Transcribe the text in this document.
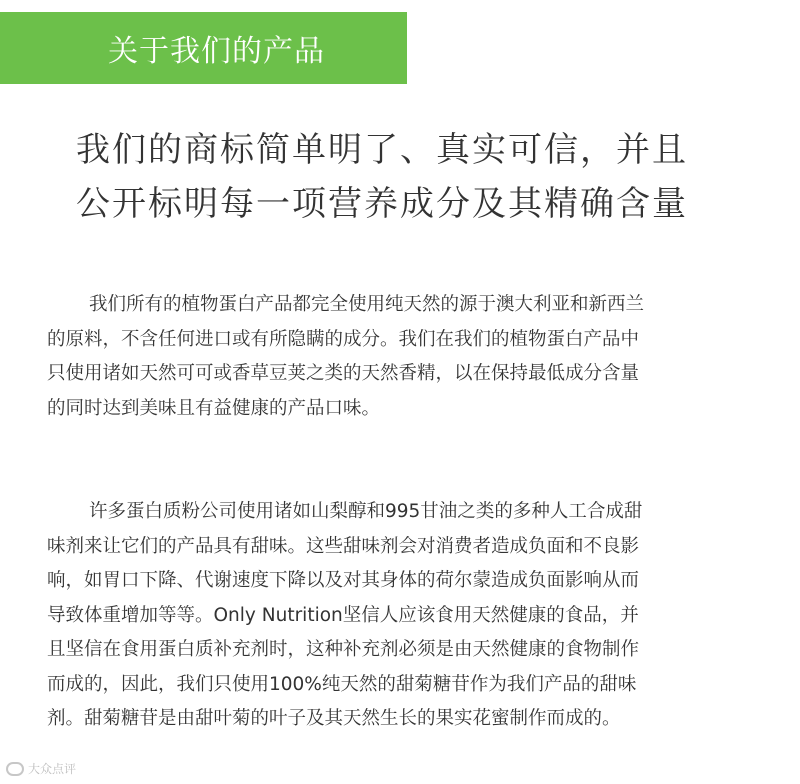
关于我们的产品
我们的商标简单明了、真实可信，并且
公开标明每一项营养成分及其精确含量
我们所有的植物蛋白产品都完全使用纯天然的源于澳大利亚和新西兰
的原料，不含任何进口或有所隐瞒的成分。我们在我们的植物蛋白产品中
只使用诸如天然可可或香草豆荚之类的天然香精，以在保持最低成分含量
的同时达到美味且有益健康的产品口味。
许多蛋白质粉公司使用诸如山梨醇和995甘油之类的多种人工合成甜
味剂来让它们的产品具有甜味。这些甜味剂会对消费者造成负面和不良影
响，如胃口下降、代谢速度下降以及对其身体的荷尔蒙造成负面影响从而
导致体重增加等等。Only Nutrition坚信人应该食用天然健康的食品，并
且坚信在食用蛋白质补充剂时，这种补充剂必须是由天然健康的食物制作
而成的，因此，我们只使用100%纯天然的甜菊糖苷作为我们产品的甜味
剂。甜菊糖苷是由甜叶菊的叶子及其天然生长的果实花蜜制作而成的。
大众点评
